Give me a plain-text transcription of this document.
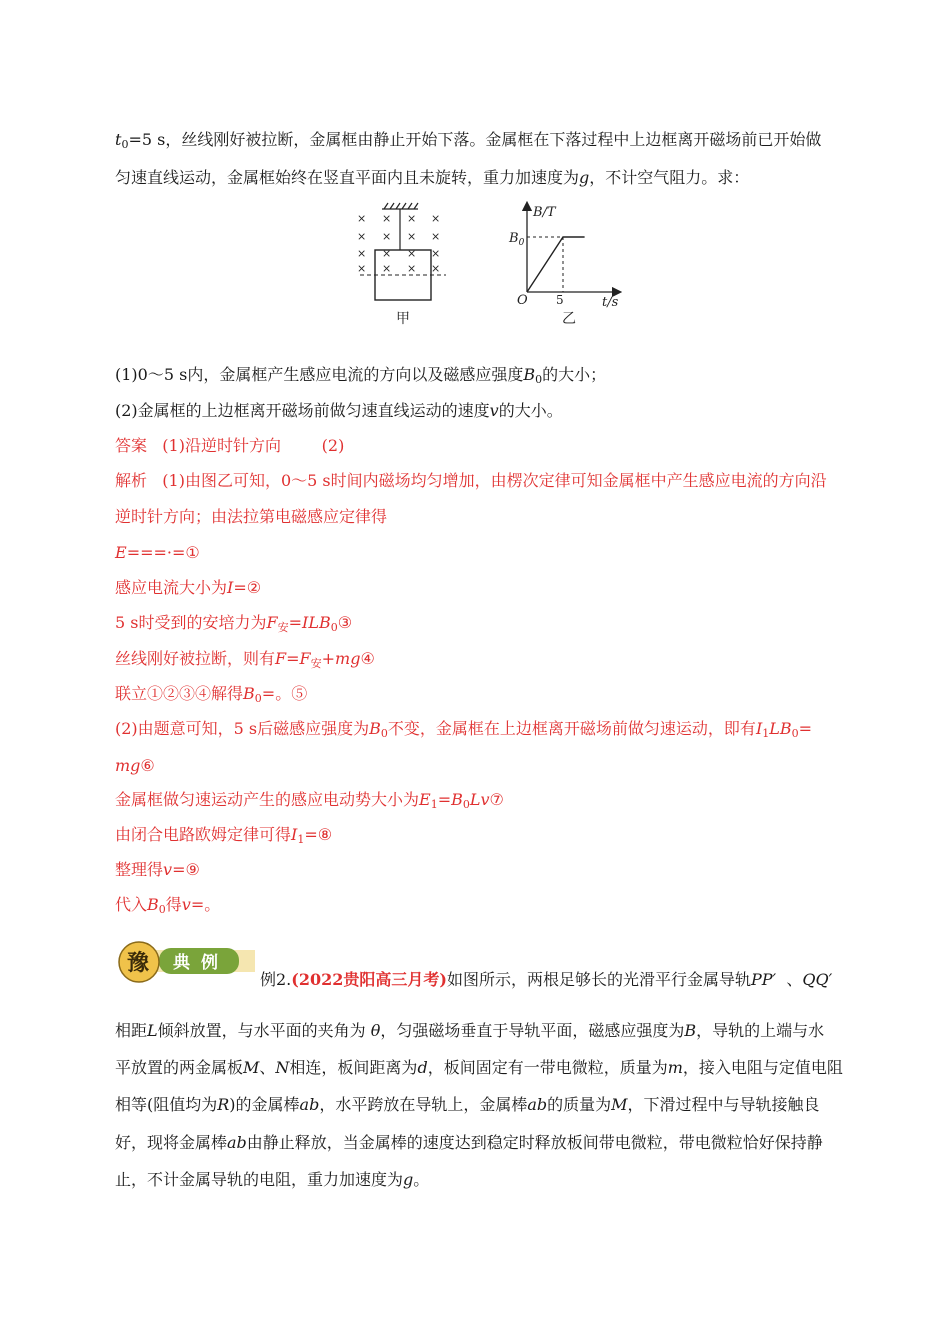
$t_0=5$ s，丝线刚好被拉断，金属框由静止开始下落。金属框在下落过程中上边框离开磁场前已开始做
匀速直线运动，金属框始终在竖直平面内且未旋转，重力加速度为g，不计空气阻力。求：
× × × ×
× × × ×
× × × ×
× × × ×
甲
B/T
$B_0$
O 5	t/s
乙
(1)0～5 s内，金属框产生感应电流的方向以及磁感应强度$B_0$的大小；
(2)金属框的上边框离开磁场前做匀速直线运动的速度v的大小。
答案 (1)沿逆时针方向	(2)
解析 (1)由图乙可知，0～5 s时间内磁场均匀增加，由楞次定律可知金属框中产生感应电流的方向沿
逆时针方向；由法拉第电磁感应定律得
E===·=①
感应电流大小为I=②
5 s时受到的安培力为$F_安=ILB_0③$
丝线刚好被拉断，则有$F=F_安+mg④$
联立①②③④解得$B_0=$。⑤
(2)由题意可知，5 s后磁感应强度为$B_0$不变，金属框在上边框离开磁场前做匀速运动，即有$I_1LB_0=$
mg⑥
金属框做匀速运动产生的感应电动势大小为$E_1=B_0Lv⑦$
由闭合电路欧姆定律可得$I_1=⑧$
整理得v=⑨
代入$B_0$得v=。
豫 典 例
例2.(2022贵阳高三月考)如图所示，两根足够长的光滑平行金属导轨PP′ 、QQ′
相距L倾斜放置，与水平面的夹角为 θ，匀强磁场垂直于导轨平面，磁感应强度为B，导轨的上端与水
平放置的两金属板M、N相连，板间距离为d，板间固定有一带电微粒，质量为m，接入电阻与定值电阻
相等(阻值均为R)的金属棒ab，水平跨放在导轨上，金属棒ab的质量为M，下滑过程中与导轨接触良
好，现将金属棒ab由静止释放，当金属棒的速度达到稳定时释放板间带电微粒，带电微粒恰好保持静
止，不计金属导轨的电阻，重力加速度为g。
